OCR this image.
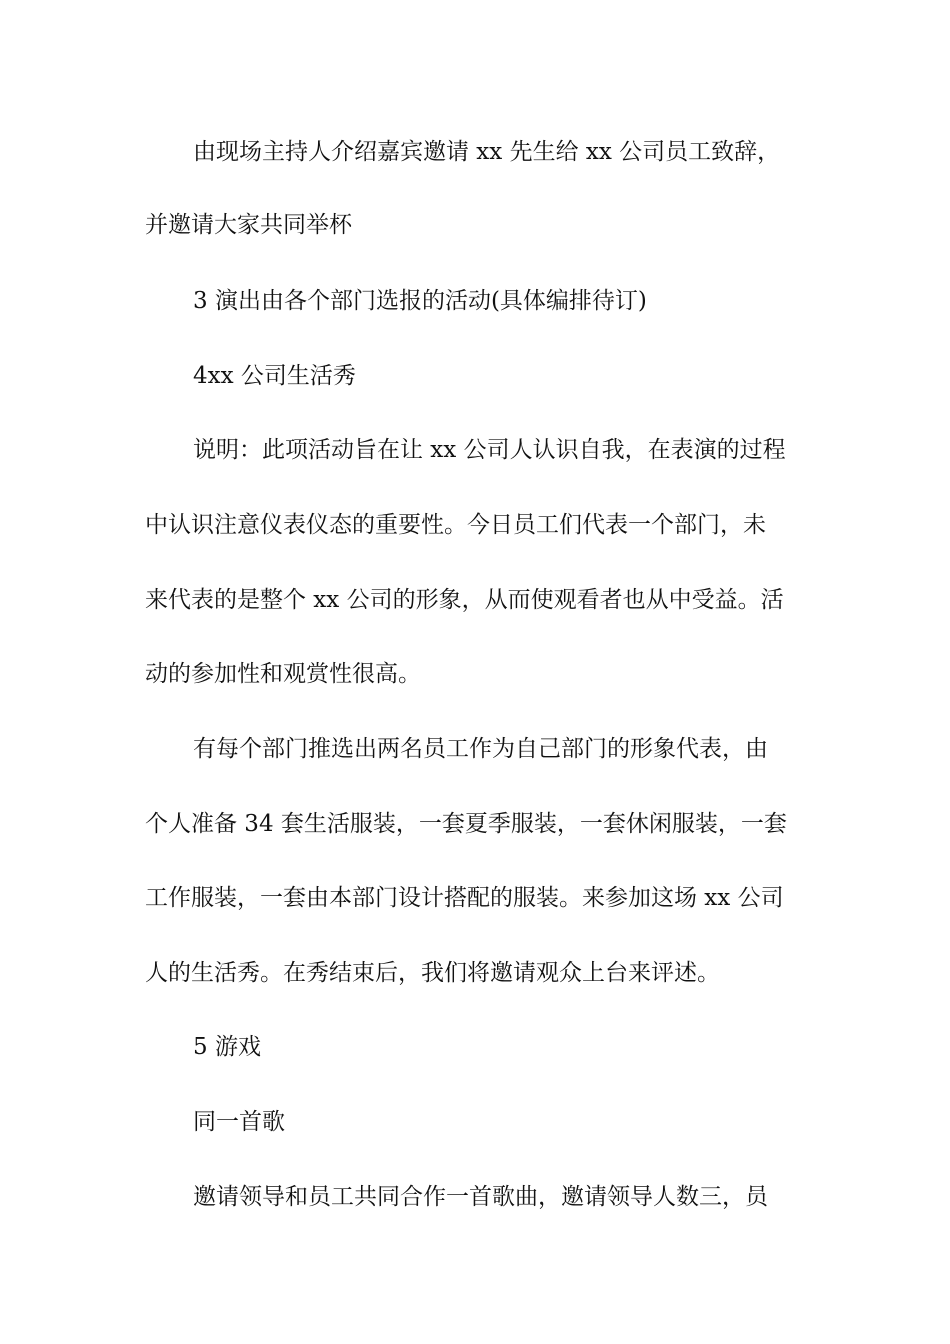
由现场主持人介绍嘉宾邀请 xx 先生给 xx 公司员工致辞，
并邀请大家共同举杯
3 演出由各个部门选报的活动(具体编排待订)
4xx 公司生活秀
说明：此项活动旨在让 xx 公司人认识自我，在表演的过程
中认识注意仪表仪态的重要性。今日员工们代表一个部门，未
来代表的是整个 xx 公司的形象，从而使观看者也从中受益。活
动的参加性和观赏性很高。
有每个部门推选出两名员工作为自己部门的形象代表，由
个人准备 34 套生活服装，一套夏季服装，一套休闲服装，一套
工作服装，一套由本部门设计搭配的服装。来参加这场 xx 公司
人的生活秀。在秀结束后，我们将邀请观众上台来评述。
5 游戏
同一首歌
邀请领导和员工共同合作一首歌曲，邀请领导人数三，员
